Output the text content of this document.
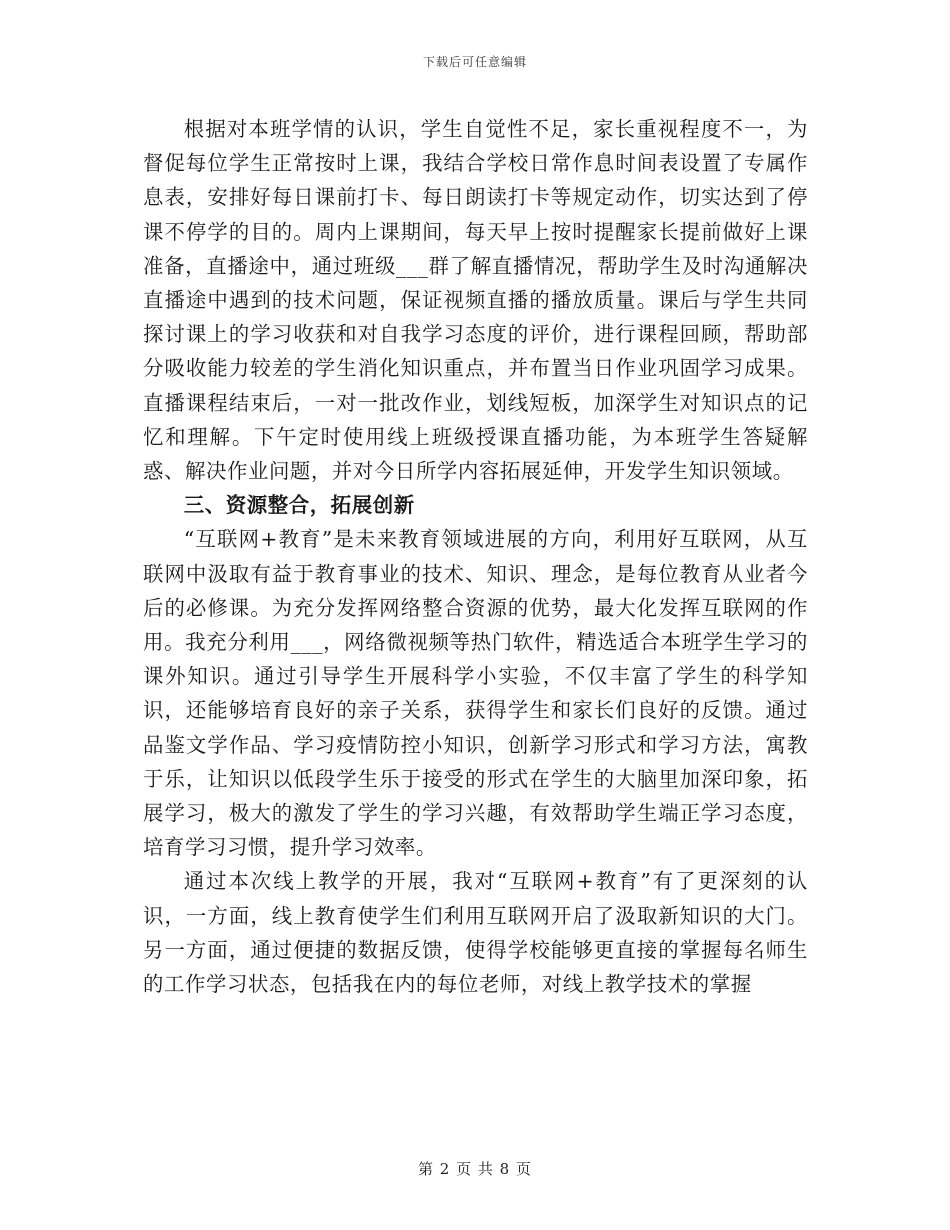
下载后可任意编辑

根据对本班学情的认识，学生自觉性不足，家长重视程度不一，为督促每位学生正常按时上课，我结合学校日常作息时间表设置了专属作息表，安排好每日课前打卡、每日朗读打卡等规定动作，切实达到了停课不停学的目的。周内上课期间，每天早上按时提醒家长提前做好上课准备，直播途中，通过班级___群了解直播情况，帮助学生及时沟通解决直播途中遇到的技术问题，保证视频直播的播放质量。课后与学生共同探讨课上的学习收获和对自我学习态度的评价，进行课程回顾，帮助部分吸收能力较差的学生消化知识重点，并布置当日作业巩固学习成果。直播课程结束后，一对一批改作业，划线短板，加深学生对知识点的记忆和理解。下午定时使用线上班级授课直播功能，为本班学生答疑解惑、解决作业问题，并对今日所学内容拓展延伸，开发学生知识领域。

三、资源整合，拓展创新

“互联网+教育”是未来教育领域进展的方向，利用好互联网，从互联网中汲取有益于教育事业的技术、知识、理念，是每位教育从业者今后的必修课。为充分发挥网络整合资源的优势，最大化发挥互联网的作用。我充分利用___，网络微视频等热门软件，精选适合本班学生学习的课外知识。通过引导学生开展科学小实验，不仅丰富了学生的科学知识，还能够培育良好的亲子关系，获得学生和家长们良好的反馈。通过品鉴文学作品、学习疫情防控小知识，创新学习形式和学习方法，寓教于乐，让知识以低段学生乐于接受的形式在学生的大脑里加深印象，拓展学习，极大的激发了学生的学习兴趣，有效帮助学生端正学习态度，培育学习习惯，提升学习效率。

通过本次线上教学的开展，我对“互联网+教育”有了更深刻的认识，一方面，线上教育使学生们利用互联网开启了汲取新知识的大门。另一方面，通过便捷的数据反馈，使得学校能够更直接的掌握每名师生的工作学习状态，包括我在内的每位老师，对线上教学技术的掌握

第 2 页 共 8 页
